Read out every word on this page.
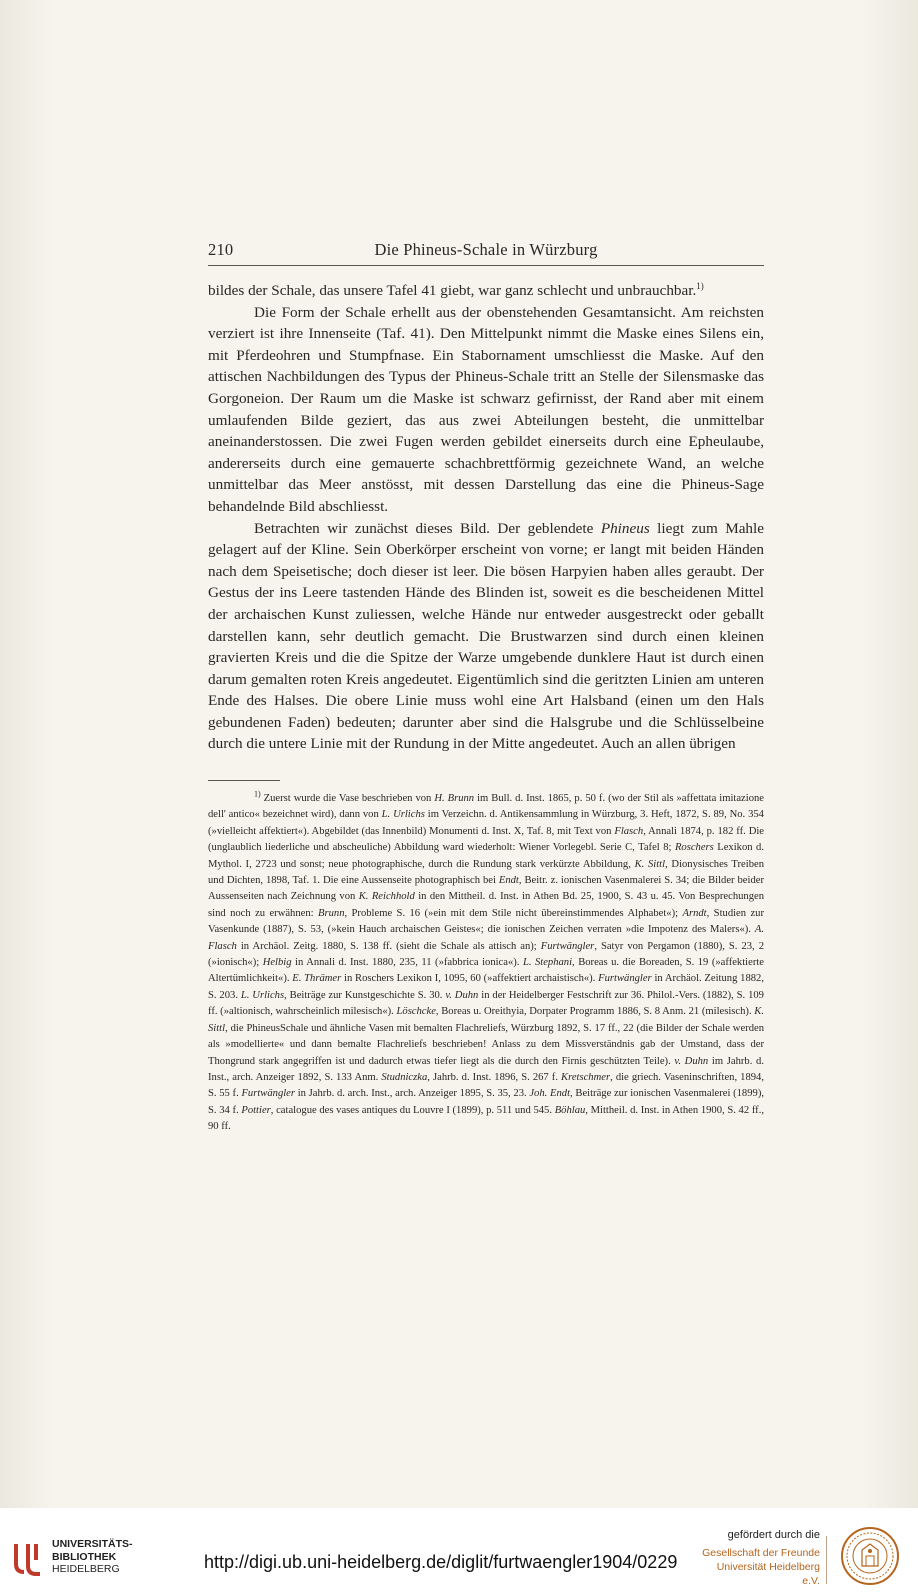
210	Die Phineus-Schale in Würzburg

bildes der Schale, das unsere Tafel 41 giebt, war ganz schlecht und unbrauchbar.$^{1)}$

Die Form der Schale erhellt aus der obenstehenden Gesamtansicht. Am reichsten verziert ist ihre Innenseite (Taf. 41). Den Mittelpunkt nimmt die Maske eines Silens ein, mit Pferdeohren und Stumpfnase. Ein Stabornament umschliesst die Maske. Auf den attischen Nachbildungen des Typus der Phineus-Schale tritt an Stelle der Silensmaske das Gorgoneion. Der Raum um die Maske ist schwarz gefirnisst, der Rand aber mit einem umlaufenden Bilde geziert, das aus zwei Abteilungen besteht, die unmittelbar aneinanderstossen. Die zwei Fugen werden gebildet einerseits durch eine Epheulaube, andererseits durch eine gemauerte schachbrettförmig gezeichnete Wand, an welche unmittelbar das Meer anstösst, mit dessen Darstellung das eine die Phineus-Sage behandelnde Bild abschliesst.

Betrachten wir zunächst dieses Bild. Der geblendete Phineus liegt zum Mahle gelagert auf der Kline. Sein Oberkörper erscheint von vorne; er langt mit beiden Händen nach dem Speisetische; doch dieser ist leer. Die bösen Harpyien haben alles geraubt. Der Gestus der ins Leere tastenden Hände des Blinden ist, soweit es die bescheidenen Mittel der archaischen Kunst zuliessen, welche Hände nur entweder ausgestreckt oder geballt darstellen kann, sehr deutlich gemacht. Die Brustwarzen sind durch einen kleinen gravierten Kreis und die die Spitze der Warze umgebende dunklere Haut ist durch einen darum gemalten roten Kreis angedeutet. Eigentümlich sind die geritzten Linien am unteren Ende des Halses. Die obere Linie muss wohl eine Art Halsband (einen um den Hals gebundenen Faden) bedeuten; darunter aber sind die Halsgrube und die Schlüsselbeine durch die untere Linie mit der Rundung in der Mitte angedeutet. Auch an allen übrigen

$^{1)}$ Zuerst wurde die Vase beschrieben von H. Brunn im Bull. d. Inst. 1865, p. 50 f. (wo der Stil als »affettata imitazione dell' antico« bezeichnet wird), dann von L. Urlichs im Verzeichn. d. Antikensammlung in Würzburg, 3. Heft, 1872, S. 89, No. 354 (»vielleicht affektiert«). Abgebildet (das Innenbild) Monumenti d. Inst. X, Taf. 8, mit Text von Flasch, Annali 1874, p. 182 ff. Die (unglaublich liederliche und abscheuliche) Abbildung ward wiederholt: Wiener Vorlegebl. Serie C, Tafel 8; Roschers Lexikon d. Mythol. I, 2723 und sonst; neue photographische, durch die Rundung stark verkürzte Abbildung, K. Sittl, Dionysisches Treiben und Dichten, 1898, Taf. 1. Die eine Aussenseite photographisch bei Endt, Beitr. z. ionischen Vasenmalerei S. 34; die Bilder beider Aussenseiten nach Zeichnung von K. Reichhold in den Mittheil. d. Inst. in Athen Bd. 25, 1900, S. 43 u. 45. Von Besprechungen sind noch zu erwähnen: Brunn, Probleme S. 16 (»ein mit dem Stile nicht übereinstimmendes Alphabet«); Arndt, Studien zur Vasenkunde (1887), S. 53, (»kein Hauch archaischen Geistes«; die ionischen Zeichen verraten »die Impotenz des Malers«). A. Flasch in Archäol. Zeitg. 1880, S. 138 ff. (sieht die Schale als attisch an); Furtwängler, Satyr von Pergamon (1880), S. 23, 2 (»ionisch«); Helbig in Annali d. Inst. 1880, 235, 11 (»fabbrica ionica«). L. Stephani, Boreas u. die Boreaden, S. 19 (»affektierte Altertümlichkeit«). E. Thrämer in Roschers Lexikon I, 1095, 60 (»affektiert archaistisch«). Furtwängler in Archäol. Zeitung 1882, S. 203. L. Urlichs, Beiträge zur Kunstgeschichte S. 30. v. Duhn in der Heidelberger Festschrift zur 36. Philol.-Vers. (1882), S. 109 ff. (»altionisch, wahrscheinlich milesisch«). Löschcke, Boreas u. Oreithyia, Dorpater Programm 1886, S. 8 Anm. 21 (milesisch). K. Sittl, die PhineusSchale und ähnliche Vasen mit bemalten Flachreliefs, Würzburg 1892, S. 17 ff., 22 (die Bilder der Schale werden als »modellierte« und dann bemalte Flachreliefs beschrieben! Anlass zu dem Missverständnis gab der Umstand, dass der Thongrund stark angegriffen ist und dadurch etwas tiefer liegt als die durch den Firnis geschützten Teile). v. Duhn im Jahrb. d. Inst., arch. Anzeiger 1892, S. 133 Anm. Studniczka, Jahrb. d. Inst. 1896, S. 267 f. Kretschmer, die griech. Vaseninschriften, 1894, S. 55 f. Furtwängler in Jahrb. d. arch. Inst., arch. Anzeiger 1895, S. 35, 23. Joh. Endt, Beiträge zur ionischen Vasenmalerei (1899), S. 34 f. Pottier, catalogue des vases antiques du Louvre I (1899), p. 511 und 545. Böhlau, Mittheil. d. Inst. in Athen 1900, S. 42 ff., 90 ff.
UNIVERSITÄTS-
BIBLIOTHEK
HEIDELBERG	http://digi.ub.uni-heidelberg.de/diglit/furtwaengler1904/0229
gefördert durch die
Gesellschaft der Freunde
Universität Heidelberg e.V.
